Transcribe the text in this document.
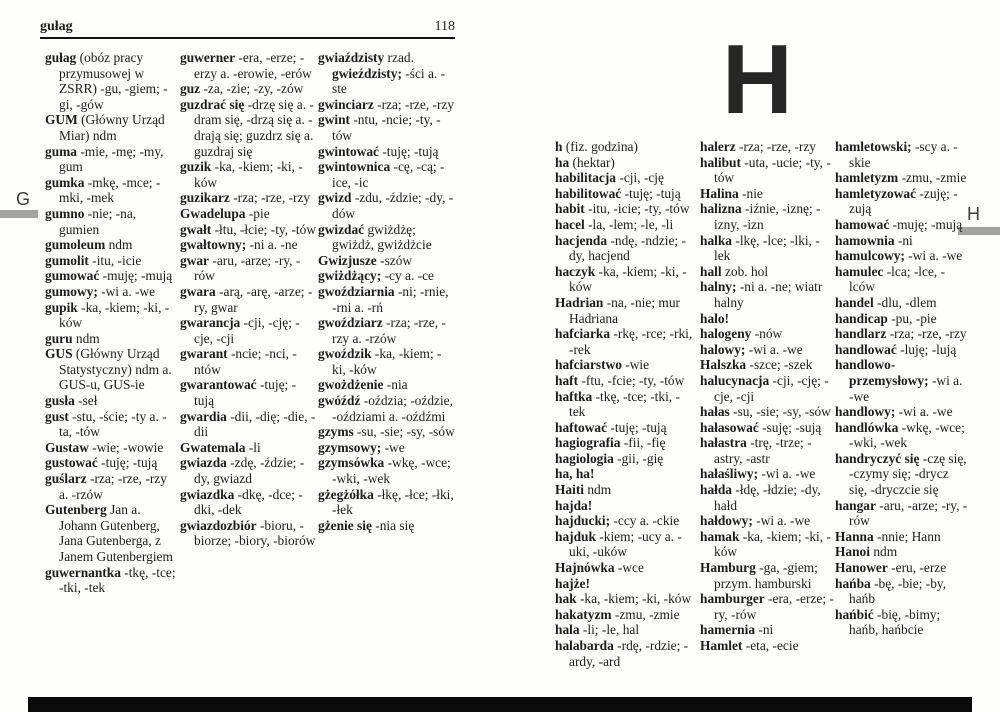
gułag	118
G
H
H

gułag (obóz pracy przymusowej w ZSRR) -gu, -giem; -gi, -gów

GUM (Główny Urząd Miar) ndm

guma -mie, -mę; -my, gum

gumka -mkę, -mce; -mki, -mek

gumno -nie; -na, gumien

gumoleum ndm

gumolit -itu, -icie

gumować -muję; -mują

gumowy; -wi a. -we

gupik -ka, -kiem; -ki, -ków

guru ndm

GUS (Główny Urząd Statystyczny) ndm a. GUS-u, GUS-ie

gusła -seł

gust -stu, -ście; -ty a. -ta, -tów

Gustaw -wie; -wowie

gustować -tuję; -tują

guślarz -rza; -rze, -rzy a. -rzów

Gutenberg Jan a. Johann Gutenberg, Jana Gutenberga, z Janem Gutenbergiem

guwernantka -tkę, -tce; -tki, -tek

guwerner -era, -erze; -erzy a. -erowie, -erów

guz -za, -zie; -zy, -zów

guzdrać się -drzę się a. -dram się, -drzą się a. -drają się; guzdrz się a. guzdraj się

guzik -ka, -kiem; -ki, -ków

guzikarz -rza; -rze, -rzy

Gwadelupa -pie

gwałt -łtu, -łcie; -ty, -tów

gwałtowny; -ni a. -ne

gwar -aru, -arze; -ry, -rów

gwara -arą, -arę, -arze; -ry, gwar

gwarancja -cji, -cję; -cje, -cji

gwarant -ncie; -nci, -ntów

gwarantować -tuję; -tują

gwardia -dii, -dię; -die, -dii

Gwatemala -li

gwiazda -zdę, -ździe; -dy, gwiazd

gwiazdka -dkę, -dce; -dki, -dek

gwiazdozbiór -bioru, -biorze; -biory, -biorów

gwiaździsty rzad. gwieździsty; -ści a. -ste

gwinciarz -rza; -rze, -rzy

gwint -ntu, -ncie; -ty, -tów

gwintować -tuję; -tują

gwintownica -cę, -cą; -ice, -ic

gwizd -zdu, -ździe; -dy, -dów

gwizdać gwiżdżę; gwiżdż, gwiżdżcie

Gwizjusze -szów

gwiżdżący; -cy a. -ce

gwoździarnia -ni; -rnie, -rni a. -rń

gwoździarz -rza; -rze, -rzy a. -rzów

gwoździk -ka, -kiem; -ki, -ków

gwożdżenie -nia

gwóźdź -oździa; -oździe, -oździami a. -oźdźmi

gzyms -su, -sie; -sy, -sów

gzymsowy; -we

gzymsówka -wkę, -wce; -wki, -wek

gżegżółka -łkę, -łce; -łki, -łek

gżenie się -nia się

h (fiz. godzina)

ha (hektar)

habilitacja -cji, -cję

habilitować -tuję; -tują

habit -itu, -icie; -ty, -tów

hacel -la, -lem; -le, -li

hacjenda -ndę, -ndzie; -dy, hacjend

haczyk -ka, -kiem; -ki, -ków

Hadrian -na, -nie; mur Hadriana

hafciarka -rkę, -rce; -rki, -rek

hafciarstwo -wie

haft -ftu, -fcie; -ty, -tów

haftka -tkę, -tce; -tki, -tek

haftować -tuję; -tują

hagiografia -fii, -fię

hagiologia -gii, -gię

ha, ha!

Haiti ndm

hajda!

hajducki; -ccy a. -ckie

hajduk -kiem; -ucy a. -uki, -uków

Hajnówka -wce

hajże!

hak -ka, -kiem; -ki, -ków

hakatyzm -zmu, -zmie

hala -li; -le, hal

halabarda -rdę, -rdzie; -ardy, -ard

halerz -rza; -rze, -rzy

halibut -uta, -ucie; -ty, -tów

Halina -nie

halizna -iźnie, -iznę; -izny, -izn

halka -lkę, -lce; -lki, -lek

hall zob. hol

halny; -ni a. -ne; wiatr halny

halo!

halogeny -nów

halowy; -wi a. -we

Halszka -szce; -szek

halucynacja -cji, -cję; -cje, -cji

hałas -su, -sie; -sy, -sów

hałasować -suję; -sują

hałastra -trę, -trze; -astry, -astr

hałaśliwy; -wi a. -we

hałda -łdę, -łdzie; -dy, hałd

hałdowy; -wi a. -we

hamak -ka, -kiem; -ki, -ków

Hamburg -ga, -giem; przym. hamburski

hamburger -era, -erze; -ry, -rów

hamernia -ni

Hamlet -eta, -ecie

hamletowski; -scy a. -skie

hamletyzm -zmu, -zmie

hamletyzować -zuję; -zują

hamować -muję; -mują

hamownia -ni

hamulcowy; -wi a. -we

hamulec -lca; -lce, -lców

handel -dlu, -dlem

handicap -pu, -pie

handlarz -rza; -rze, -rzy

handlować -luję; -lują

handlowo-przemysłowy; -wi a. -we

handlowy; -wi a. -we

handlówka -wkę, -wce; -wki, -wek

handryczyć się -czę się, -czymy się; -drycz się, -dryczcie się

hangar -aru, -arze; -ry, -rów

Hanna -nnie; Hann

Hanoi ndm

Hanower -eru, -erze

hańba -bę, -bie; -by, hańb

hańbić -bię, -bimy; hańb, hańbcie
